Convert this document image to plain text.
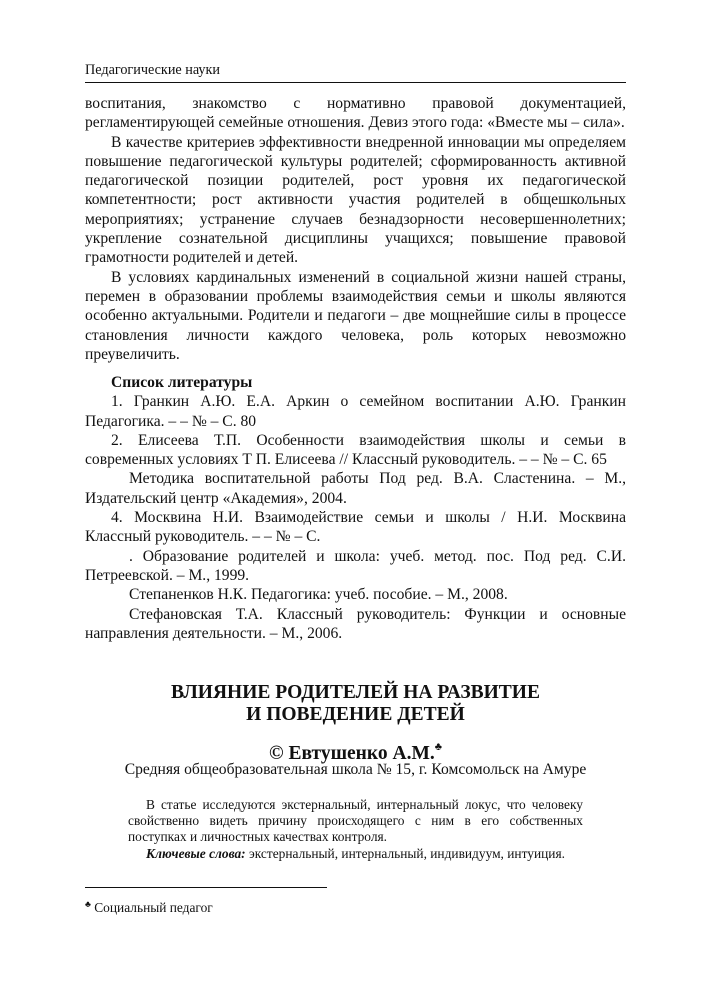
Педагогические науки

воспитания, знакомство с нормативно правовой документацией, регламентирующей семейные отношения. Девиз этого года: «Вместе мы – сила».

В качестве критериев эффективности внедренной инновации мы определяем повышение педагогической культуры родителей; сформированность активной педагогической позиции родителей, рост уровня их педагогической компетентности; рост активности участия родителей в общешкольных мероприятиях; устранение случаев безнадзорности несовершеннолетних; укрепление сознательной дисциплины учащихся; повышение правовой грамотности родителей и детей.

В условиях кардинальных изменений в социальной жизни нашей страны, перемен в образовании проблемы взаимодействия семьи и школы являются особенно актуальными. Родители и педагоги – две мощнейшие силы в процессе становления личности каждого человека, роль которых невозможно преувеличить.

Список литературы

1. Гранкин А.Ю. Е.А. Аркин о семейном воспитании А.Ю. Гранкин Педагогика. – – № – С. 80

2. Елисеева Т.П. Особенности взаимодействия школы и семьи в современных условиях Т П. Елисеева // Классный руководитель. – – № – С. 65

Методика воспитательной работы Под ред. В.А. Сластенина. – М., Издательский центр «Академия», 2004.

4. Москвина Н.И. Взаимодействие семьи и школы / Н.И. Москвина Классный руководитель. – – № – С.

. Образование родителей и школа: учеб. метод. пос. Под ред. С.И. Петреевской. – М., 1999.

Степаненков Н.К. Педагогика: учеб. пособие. – М., 2008.

Стефановская Т.А. Классный руководитель: Функции и основные направления деятельности. – М., 2006.

ВЛИЯНИЕ РОДИТЕЛЕЙ НА РАЗВИТИЕ
И ПОВЕДЕНИЕ ДЕТЕЙ
© Евтушенко А.М.♣
Средняя общеобразовательная школа № 15, г. Комсомольск на Амуре

В статье исследуются экстернальный, интернальный локус, что человеку свойственно видеть причину происходящего с ним в его собственных поступках и личностных качествах контроля.

Ключевые слова: экстернальный, интернальный, индивидуум, интуиция.

♣ Социальный педагог
